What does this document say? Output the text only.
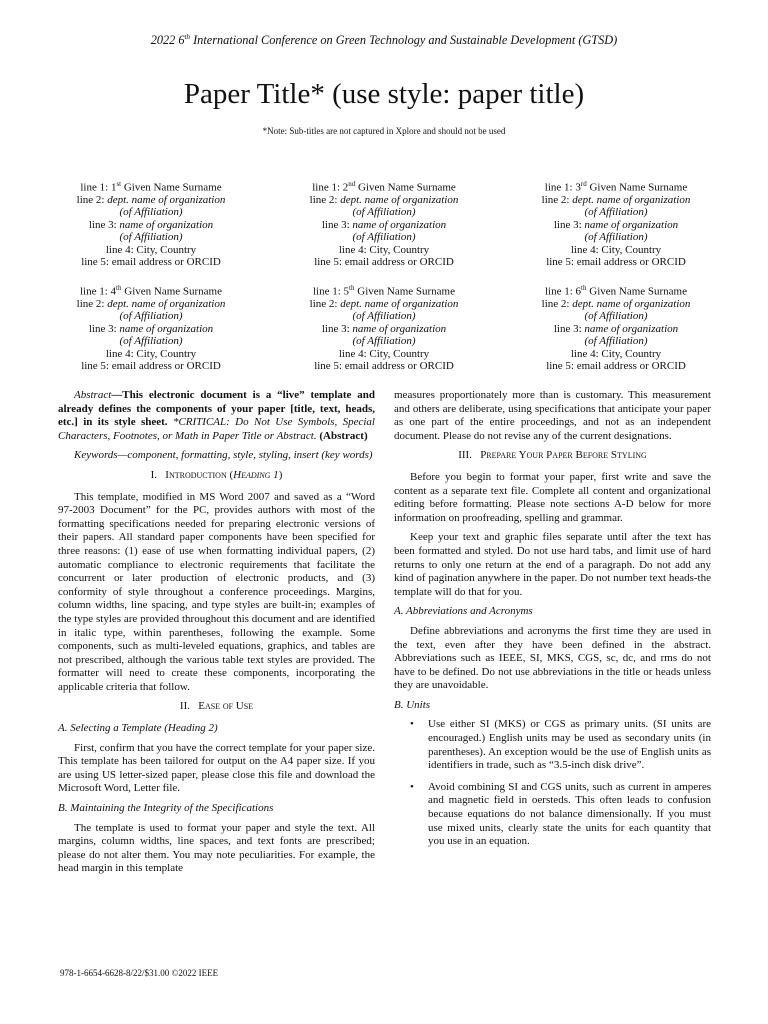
2022 6th International Conference on Green Technology and Sustainable Development (GTSD)
Paper Title* (use style: paper title)
*Note: Sub-titles are not captured in Xplore and should not be used
line 1: 1st Given Name Surname
line 2: dept. name of organization
(of Affiliation)
line 3: name of organization
(of Affiliation)
line 4: City, Country
line 5: email address or ORCID
line 1: 2nd Given Name Surname
line 2: dept. name of organization
(of Affiliation)
line 3: name of organization
(of Affiliation)
line 4: City, Country
line 5: email address or ORCID
line 1: 3rd Given Name Surname
line 2: dept. name of organization
(of Affiliation)
line 3: name of organization
(of Affiliation)
line 4: City, Country
line 5: email address or ORCID
line 1: 4th Given Name Surname
line 2: dept. name of organization
(of Affiliation)
line 3: name of organization
(of Affiliation)
line 4: City, Country
line 5: email address or ORCID
line 1: 5th Given Name Surname
line 2: dept. name of organization
(of Affiliation)
line 3: name of organization
(of Affiliation)
line 4: City, Country
line 5: email address or ORCID
line 1: 6th Given Name Surname
line 2: dept. name of organization
(of Affiliation)
line 3: name of organization
(of Affiliation)
line 4: City, Country
line 5: email address or ORCID

Abstract—This electronic document is a “live” template and already defines the components of your paper [title, text, heads, etc.] in its style sheet. *CRITICAL: Do Not Use Symbols, Special Characters, Footnotes, or Math in Paper Title or Abstract. (Abstract)

Keywords—component, formatting, style, styling, insert (key words)

I. Introduction (Heading 1)

This template, modified in MS Word 2007 and saved as a “Word 97-2003 Document” for the PC, provides authors with most of the formatting specifications needed for preparing electronic versions of their papers. All standard paper components have been specified for three reasons: (1) ease of use when formatting individual papers, (2) automatic compliance to electronic requirements that facilitate the concurrent or later production of electronic products, and (3) conformity of style throughout a conference proceedings. Margins, column widths, line spacing, and type styles are built-in; examples of the type styles are provided throughout this document and are identified in italic type, within parentheses, following the example. Some components, such as multi-leveled equations, graphics, and tables are not prescribed, although the various table text styles are provided. The formatter will need to create these components, incorporating the applicable criteria that follow.

II. Ease of Use
A. Selecting a Template (Heading 2)

First, confirm that you have the correct template for your paper size. This template has been tailored for output on the A4 paper size. If you are using US letter-sized paper, please close this file and download the Microsoft Word, Letter file.

B. Maintaining the Integrity of the Specifications

The template is used to format your paper and style the text. All margins, column widths, line spaces, and text fonts are prescribed; please do not alter them. You may note peculiarities. For example, the head margin in this template

measures proportionately more than is customary. This measurement and others are deliberate, using specifications that anticipate your paper as one part of the entire proceedings, and not as an independent document. Please do not revise any of the current designations.

III. Prepare Your Paper Before Styling

Before you begin to format your paper, first write and save the content as a separate text file. Complete all content and organizational editing before formatting. Please note sections A-D below for more information on proofreading, spelling and grammar.

Keep your text and graphic files separate until after the text has been formatted and styled. Do not use hard tabs, and limit use of hard returns to only one return at the end of a paragraph. Do not add any kind of pagination anywhere in the paper. Do not number text heads-the template will do that for you.

A. Abbreviations and Acronyms

Define abbreviations and acronyms the first time they are used in the text, even after they have been defined in the abstract. Abbreviations such as IEEE, SI, MKS, CGS, sc, dc, and rms do not have to be defined. Do not use abbreviations in the title or heads unless they are unavoidable.

B. Units
• Use either SI (MKS) or CGS as primary units. (SI units are encouraged.) English units may be used as secondary units (in parentheses). An exception would be the use of English units as identifiers in trade, such as “3.5-inch disk drive”.
• Avoid combining SI and CGS units, such as current in amperes and magnetic field in oersteds. This often leads to confusion because equations do not balance dimensionally. If you must use mixed units, clearly state the units for each quantity that you use in an equation.
978-1-6654-6628-8/22/$31.00 ©2022 IEEE
